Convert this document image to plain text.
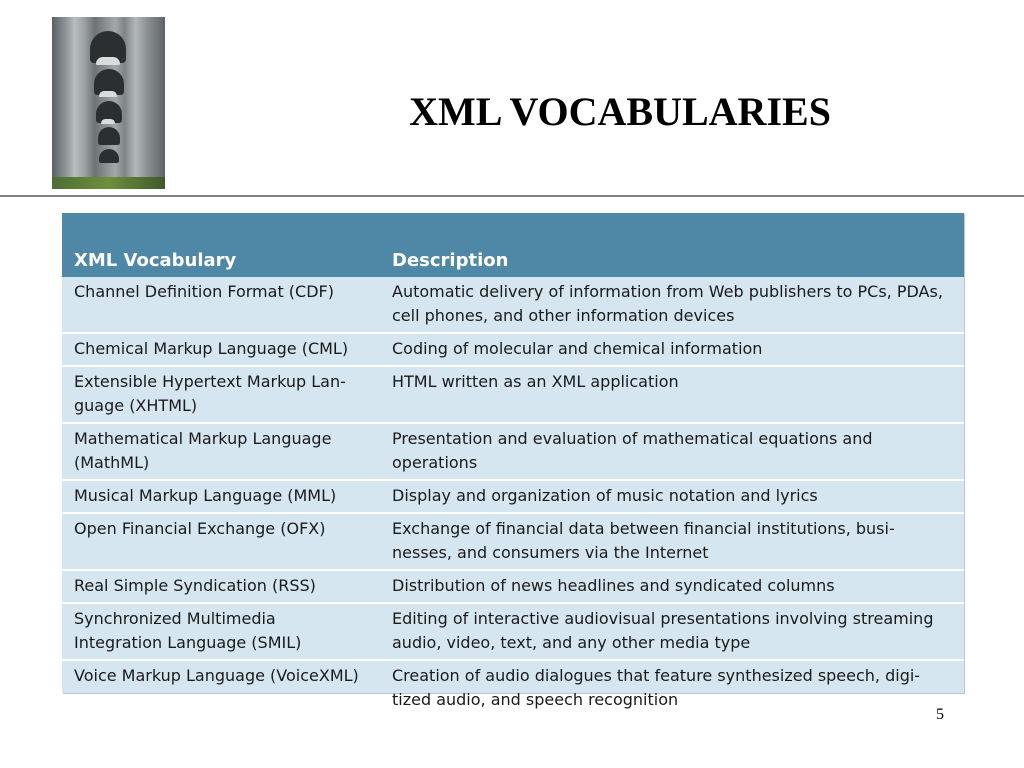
XML VOCABULARIES
XML Vocabulary	Description
Channel Definition Format (CDF)	Automatic delivery of information from Web publishers to PCs, PDAs, cell phones, and other information devices
Chemical Markup Language (CML)	Coding of molecular and chemical information
Extensible Hypertext Markup Lan-guage (XHTML)	HTML written as an XML application
Mathematical Markup Language (MathML)	Presentation and evaluation of mathematical equations and operations
Musical Markup Language (MML)	Display and organization of music notation and lyrics
Open Financial Exchange (OFX)	Exchange of financial data between financial institutions, busi-nesses, and consumers via the Internet
Real Simple Syndication (RSS)	Distribution of news headlines and syndicated columns
Synchronized Multimedia Integration Language (SMIL)	Editing of interactive audiovisual presentations involving streaming audio, video, text, and any other media type
Voice Markup Language (VoiceXML)	Creation of audio dialogues that feature synthesized speech, digi-tized audio, and speech recognition
5
